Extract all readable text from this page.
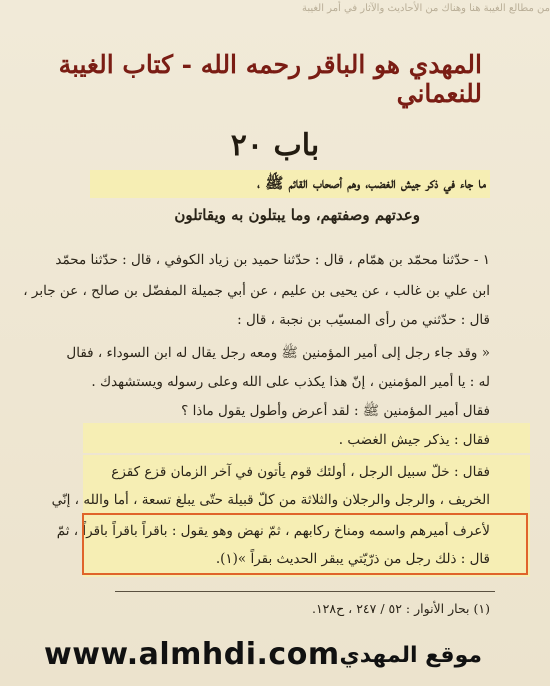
من مطالع الغيبة هنا وهناك من الأحاديث والآثار في أمر الغيبة
المهدي هو الباقر رحمه الله - كتاب الغيبة للنعماني
باب ٢٠
ما جاء في ذكر جيش الغضب، وهم أصحاب القائم ﷺ ،
وعدتهم وصفتهم، وما يبتلون به ويقاتلون
١ - حدّثنا محمّد بن همّام ، قال : حدّثنا حميد بن زياد الكوفي ، قال : حدّثنا محمّد
ابن علي بن غالب ، عن يحيى بن عليم ، عن أبي جميلة المفضّل بن صالح ، عن جابر ،
قال : حدّثني من رأى المسيّب بن نجبة ، قال :
« وقد جاء رجل إلى أمير المؤمنين ﷺ ومعه رجل يقال له ابن السوداء ، فقال
له : يا أمير المؤمنين ، إنّ هذا يكذب على الله وعلى رسوله ويستشهدك .
فقال أمير المؤمنين ﷺ : لقد أعرض وأطول يقول ماذا ؟
فقال : يذكر جيش الغضب .
فقال : خلّ سبيل الرجل ، أولئك قوم يأتون في آخر الزمان قزع كقزع
الخريف ، والرجل والرجلان والثلاثة من كلّ قبيلة حتّى يبلغ تسعة ، أما والله ، إنّي
لأعرف أميرهم واسمه ومناخ ركابهم ، ثمّ نهض وهو يقول : باقراً باقراً باقراً ، ثمّ
قال : ذلك رجل من ذرّيّتي يبقر الحديث بقراً »(١).
(١) بحار الأنوار : ٥٢ / ٢٤٧ ، ح١٢٨.
www.almhdi.com موقع المهدي
